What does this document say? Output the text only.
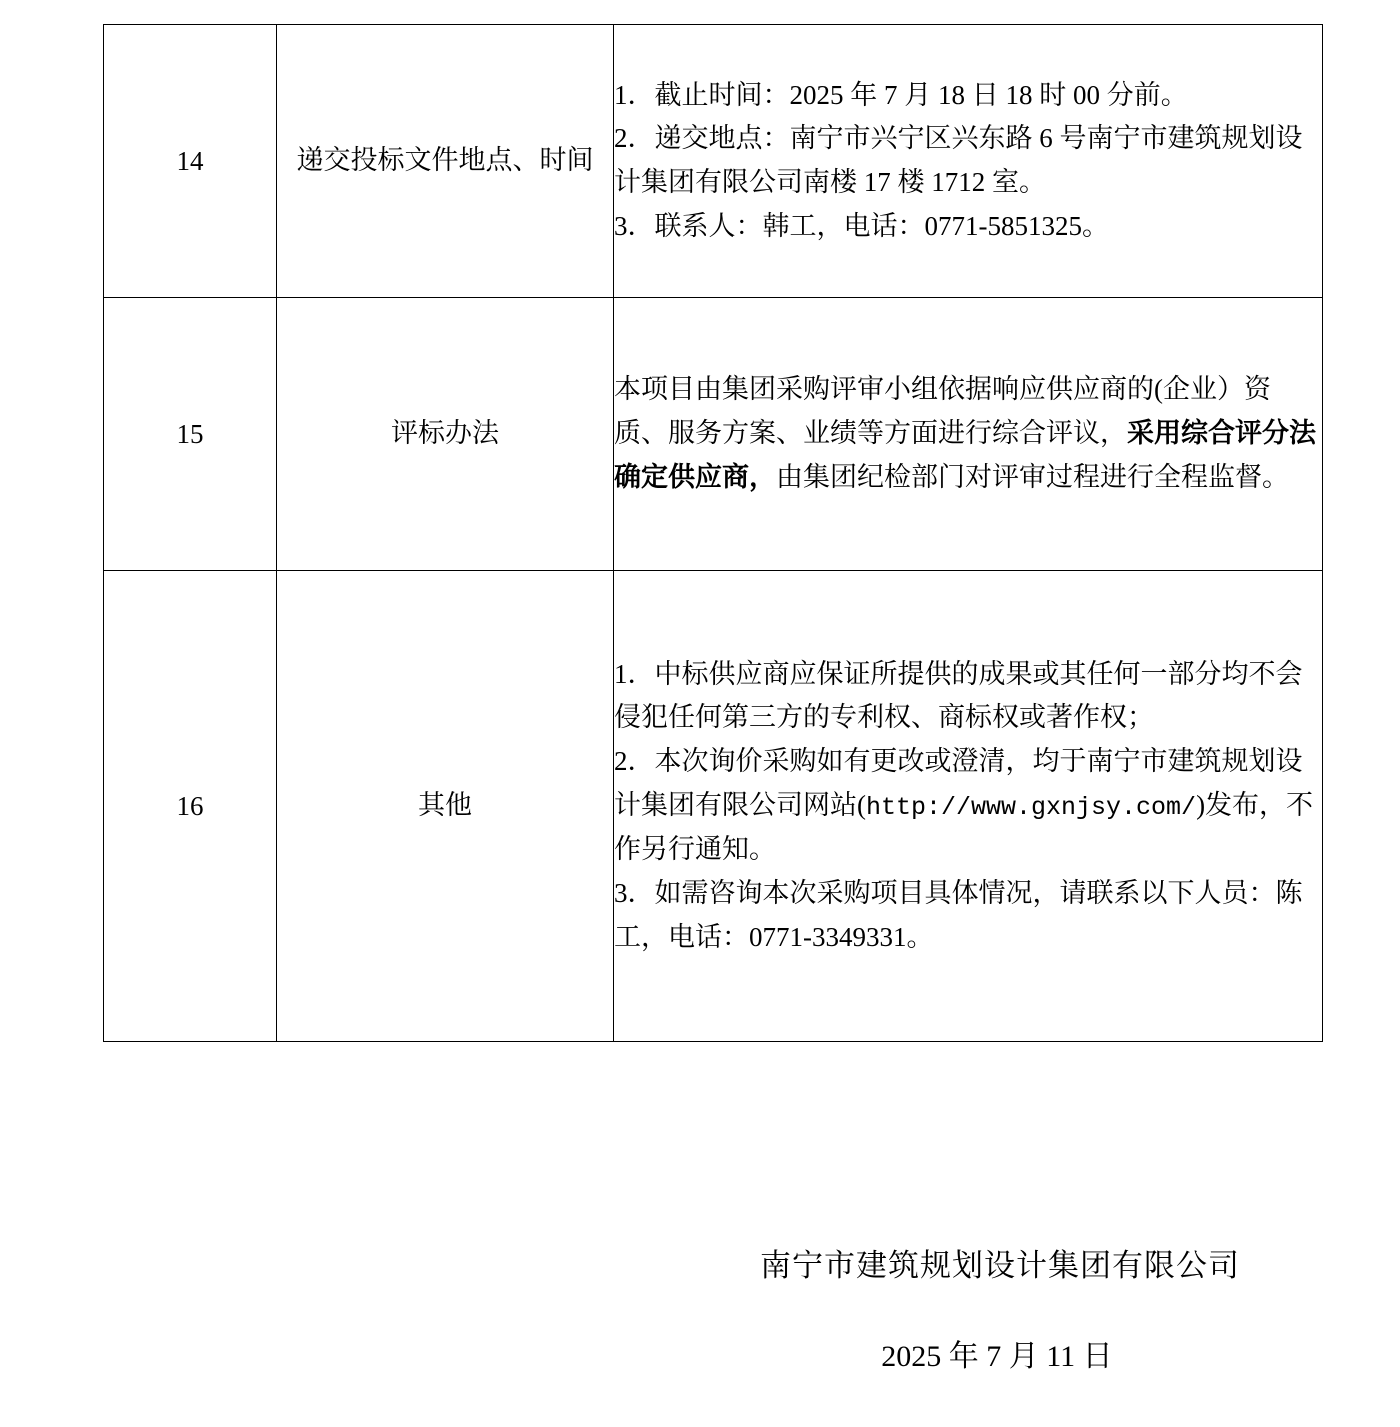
14	递交投标文件地点、时间	1．截止时间：2025 年 7 月 18 日 18 时 00 分前。

2．递交地点：南宁市兴宁区兴东路 6 号南宁市建筑规划设计集团有限公司南楼 17 楼 1712 室。

3．联系人：韩工，电话：0771-5851325。

15	评标办法	本项目由集团采购评审小组依据响应供应商的(企业）资质、服务方案、业绩等方面进行综合评议，采用综合评分法确定供应商，由集团纪检部门对评审过程进行全程监督。

16	其他	1．中标供应商应保证所提供的成果或其任何一部分均不会侵犯任何第三方的专利权、商标权或著作权；

2．本次询价采购如有更改或澄清，均于南宁市建筑规划设计集团有限公司网站(http://www.gxnjsy.com/)发布，不作另行通知。

3．如需咨询本次采购项目具体情况，请联系以下人员：陈工，电话：0771-3349331。

南宁市建筑规划设计集团有限公司

2025 年 7 月 11 日
